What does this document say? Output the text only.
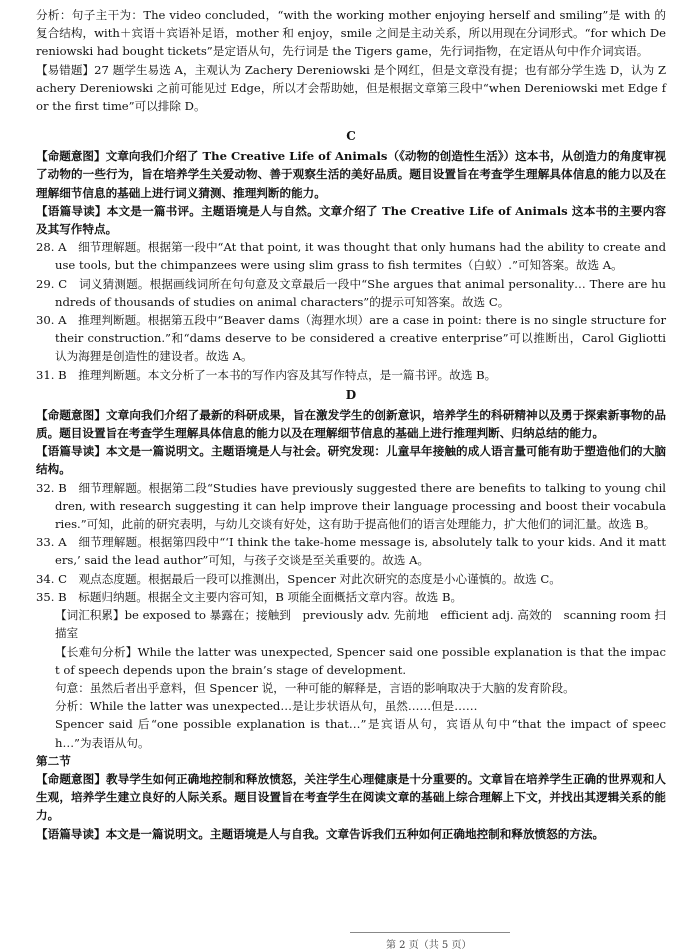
分析：句子主干为：The video concluded，“with the working mother enjoying herself and smiling”是 with 的复合结构，with＋宾语＋宾语补足语，mother 和 enjoy，smile 之间是主动关系，所以用现在分词形式。“for which Dereniowski had bought tickets”是定语从句，先行词是 the Tigers game，先行词指物，在定语从句中作介词宾语。

【易错题】27 题学生易选 A，主观认为 Zachery Dereniowski 是个网红，但是文章没有提；也有部分学生选 D，认为 Zachery Dereniowski 之前可能见过 Edge，所以才会帮助她，但是根据文章第三段中“when Dereniowski met Edge for the first time”可以排除 D。

C

【命题意图】文章向我们介绍了 The Creative Life of Animals（《动物的创造性生活》）这本书，从创造力的角度审视了动物的一些行为，旨在培养学生关爱动物、善于观察生活的美好品质。题目设置旨在考查学生理解具体信息的能力以及在理解细节信息的基础上进行词义猜测、推理判断的能力。

【语篇导读】本文是一篇书评。主题语境是人与自然。文章介绍了 The Creative Life of Animals 这本书的主要内容及其写作特点。

28. A　细节理解题。根据第一段中“At that point, it was thought that only humans had the ability to create and use tools, but the chimpanzees were using slim grass to fish termites（白蚁）.”可知答案。故选 A。

29. C　词义猜测题。根据画线词所在句句意及文章最后一段中“She argues that animal personality… There are hundreds of thousands of studies on animal characters”的提示可知答案。故选 C。

30. A　推理判断题。根据第五段中“Beaver dams（海狸水坝）are a case in point: there is no single structure for their construction.”和“dams deserve to be considered a creative enterprise”可以推断出，Carol Gigliotti 认为海狸是创造性的建设者。故选 A。

31. B　推理判断题。本文分析了一本书的写作内容及其写作特点，是一篇书评。故选 B。

D

【命题意图】文章向我们介绍了最新的科研成果，旨在激发学生的创新意识，培养学生的科研精神以及勇于探索新事物的品质。题目设置旨在考查学生理解具体信息的能力以及在理解细节信息的基础上进行推理判断、归纳总结的能力。

【语篇导读】本文是一篇说明文。主题语境是人与社会。研究发现：儿童早年接触的成人语言量可能有助于塑造他们的大脑结构。

32. B　细节理解题。根据第二段“Studies have previously suggested there are benefits to talking to young children, with research suggesting it can help improve their language processing and boost their vocabularies.”可知，此前的研究表明，与幼儿交谈有好处，这有助于提高他们的语言处理能力，扩大他们的词汇量。故选 B。

33. A　细节理解题。根据第四段中“‘I think the take-home message is, absolutely talk to your kids. And it matters,’ said the lead author”可知，与孩子交谈是至关重要的。故选 A。

34. C　观点态度题。根据最后一段可以推测出，Spencer 对此次研究的态度是小心谨慎的。故选 C。

35. B　标题归纳题。根据全文主要内容可知，B 项能全面概括文章内容。故选 B。

【词汇积累】be exposed to 暴露在；接触到　previously adv. 先前地　efficient adj. 高效的　scanning room 扫描室

【长难句分析】While the latter was unexpected, Spencer said one possible explanation is that the impact of speech depends upon the brain’s stage of development.

句意：虽然后者出乎意料，但 Spencer 说，一种可能的解释是，言语的影响取决于大脑的发育阶段。

分析：While the latter was unexpected…是让步状语从句，虽然……但是……

Spencer said 后“one possible explanation is that…”是宾语从句，宾语从句中“that the impact of speech…”为表语从句。

第二节

【命题意图】教导学生如何正确地控制和释放愤怒，关注学生心理健康是十分重要的。文章旨在培养学生正确的世界观和人生观，培养学生建立良好的人际关系。题目设置旨在考查学生在阅读文章的基础上综合理解上下文，并找出其逻辑关系的能力。

【语篇导读】本文是一篇说明文。主题语境是人与自我。文章告诉我们五种如何正确地控制和释放愤怒的方法。

第 2 页（共 5 页）
